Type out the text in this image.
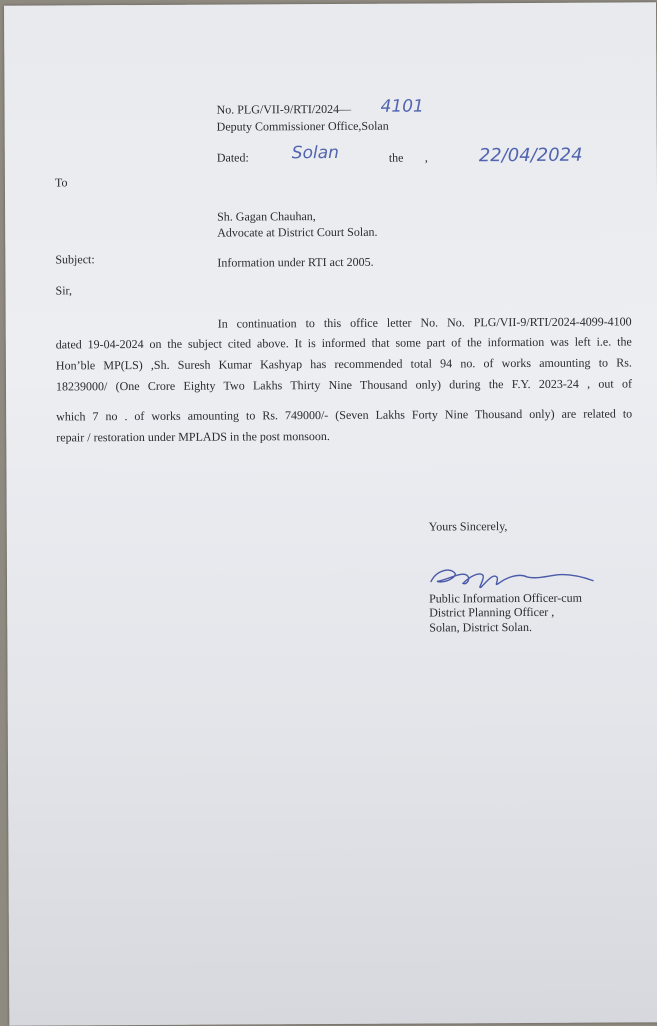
No. PLG/VII-9/RTI/2024— 4101
Deputy Commissioner Office,Solan
Dated:	Solan	the ,	22/04/2024
To
Sh. Gagan Chauhan,
Advocate at District Court Solan.
Subject:	Information under RTI act 2005.
Sir,
In continuation to this office letter No. No. PLG/VII-9/RTI/2024-4099-4100
dated 19-04-2024 on the subject cited above. It is informed that some part of the information was left i.e. the
Hon’ble MP(LS) ,Sh. Suresh Kumar Kashyap has recommended total 94 no. of works amounting to Rs.
18239000/ (One Crore Eighty Two Lakhs Thirty Nine Thousand only) during the F.Y. 2023-24 , out of
which 7 no . of works amounting to Rs. 749000/- (Seven Lakhs Forty Nine Thousand only) are related to
repair / restoration under MPLADS in the post monsoon.
Yours Sincerely,
Public Information Officer-cum
District Planning Officer ,
Solan, District Solan.
